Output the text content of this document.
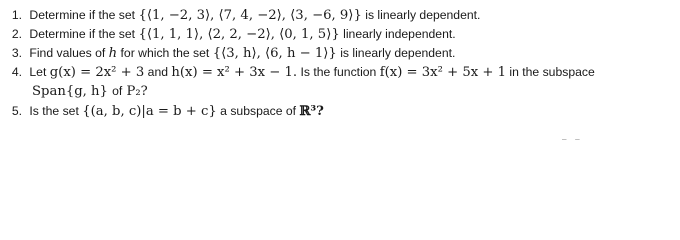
1. Determine if the set {⟨1, −2, 3⟩, ⟨7, 4, −2⟩, ⟨3, −6, 9⟩} is linearly dependent.
2. Determine if the set {⟨1, 1, 1⟩, ⟨2, 2, −2⟩, ⟨0, 1, 5⟩} linearly independent.
3. Find values of h for which the set {⟨3, h⟩, ⟨6, h − 1⟩} is linearly dependent.
4. Let g(x) = 2x² + 3 and h(x) = x² + 3x − 1. Is the function f(x) = 3x² + 5x + 1 in the subspace
Span{g, h} of P₂?
5. Is the set {(a, b, c)|a = b + c} a subspace of ℝ³?
_   _
